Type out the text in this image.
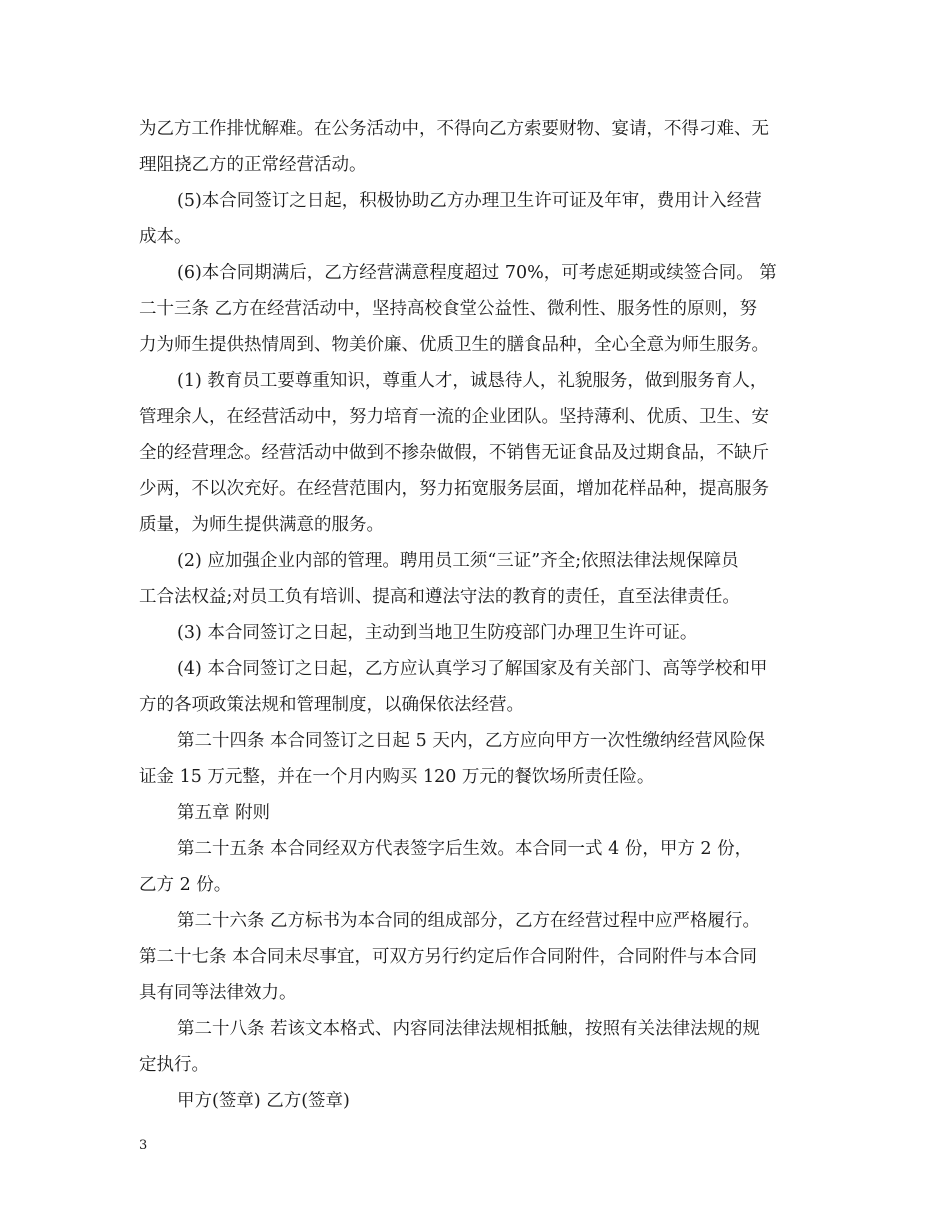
为乙方工作排忧解难。在公务活动中，不得向乙方索要财物、宴请，不得刁难、无
理阻挠乙方的正常经营活动。
(5)本合同签订之日起，积极协助乙方办理卫生许可证及年审，费用计入经营
成本。
(6)本合同期满后，乙方经营满意程度超过 70%，可考虑延期或续签合同。 第
二十三条 乙方在经营活动中，坚持高校食堂公益性、微利性、服务性的原则，努
力为师生提供热情周到、物美价廉、优质卫生的膳食品种，全心全意为师生服务。
(1) 教育员工要尊重知识，尊重人才，诚恳待人，礼貌服务，做到服务育人，
管理余人，在经营活动中，努力培育一流的企业团队。坚持薄利、优质、卫生、安
全的经营理念。经营活动中做到不掺杂做假，不销售无证食品及过期食品，不缺斤
少两，不以次充好。在经营范围内，努力拓宽服务层面，增加花样品种，提高服务
质量，为师生提供满意的服务。
(2) 应加强企业内部的管理。聘用员工须“三证”齐全;依照法律法规保障员
工合法权益;对员工负有培训、提高和遵法守法的教育的责任，直至法律责任。
(3) 本合同签订之日起，主动到当地卫生防疫部门办理卫生许可证。
(4) 本合同签订之日起，乙方应认真学习了解国家及有关部门、高等学校和甲
方的各项政策法规和管理制度，以确保依法经营。
第二十四条 本合同签订之日起 5 天内，乙方应向甲方一次性缴纳经营风险保
证金 15 万元整，并在一个月内购买 120 万元的餐饮场所责任险。
第五章 附则
第二十五条 本合同经双方代表签字后生效。本合同一式 4 份，甲方 2 份，
乙方 2 份。
第二十六条 乙方标书为本合同的组成部分，乙方在经营过程中应严格履行。
第二十七条 本合同未尽事宜，可双方另行约定后作合同附件，合同附件与本合同
具有同等法律效力。
第二十八条 若该文本格式、内容同法律法规相抵触，按照有关法律法规的规
定执行。
甲方(签章) 乙方(签章)
3
